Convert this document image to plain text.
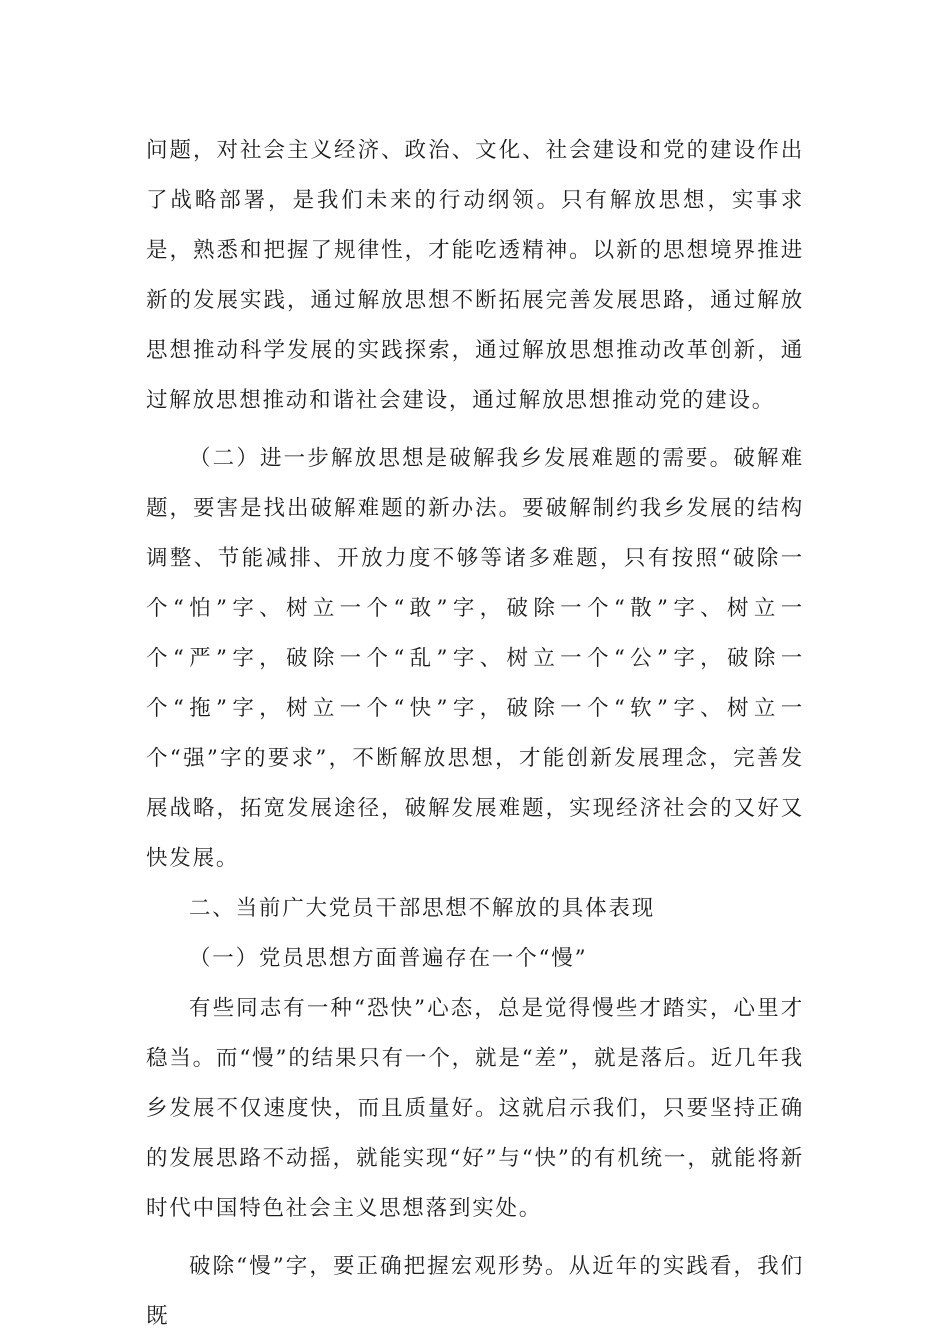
问题，对社会主义经济、政治、文化、社会建设和党的建设作出了战略部署，是我们未来的行动纲领。只有解放思想，实事求是，熟悉和把握了规律性，才能吃透精神。以新的思想境界推进新的发展实践，通过解放思想不断拓展完善发展思路，通过解放思想推动科学发展的实践探索，通过解放思想推动改革创新，通过解放思想推动和谐社会建设，通过解放思想推动党的建设。

（二）进一步解放思想是破解我乡发展难题的需要。破解难题，要害是找出破解难题的新办法。要破解制约我乡发展的结构调整、节能减排、开放力度不够等诸多难题，只有按照“破除一个“怕”字、树立一个“敢”字，破除一个“散”字、树立一个“严”字，破除一个“乱”字、树立一个“公”字，破除一个“拖”字，树立一个“快”字，破除一个“软”字、树立一个“强”字的要求”，不断解放思想，才能创新发展理念，完善发展战略，拓宽发展途径，破解发展难题，实现经济社会的又好又快发展。

二、当前广大党员干部思想不解放的具体表现

（一）党员思想方面普遍存在一个“慢”

有些同志有一种“恐快”心态，总是觉得慢些才踏实，心里才稳当。而“慢”的结果只有一个，就是“差”，就是落后。近几年我乡发展不仅速度快，而且质量好。这就启示我们，只要坚持正确的发展思路不动摇，就能实现“好”与“快”的有机统一，就能将新时代中国特色社会主义思想落到实处。

破除“慢”字，要正确把握宏观形势。从近年的实践看，我们既
